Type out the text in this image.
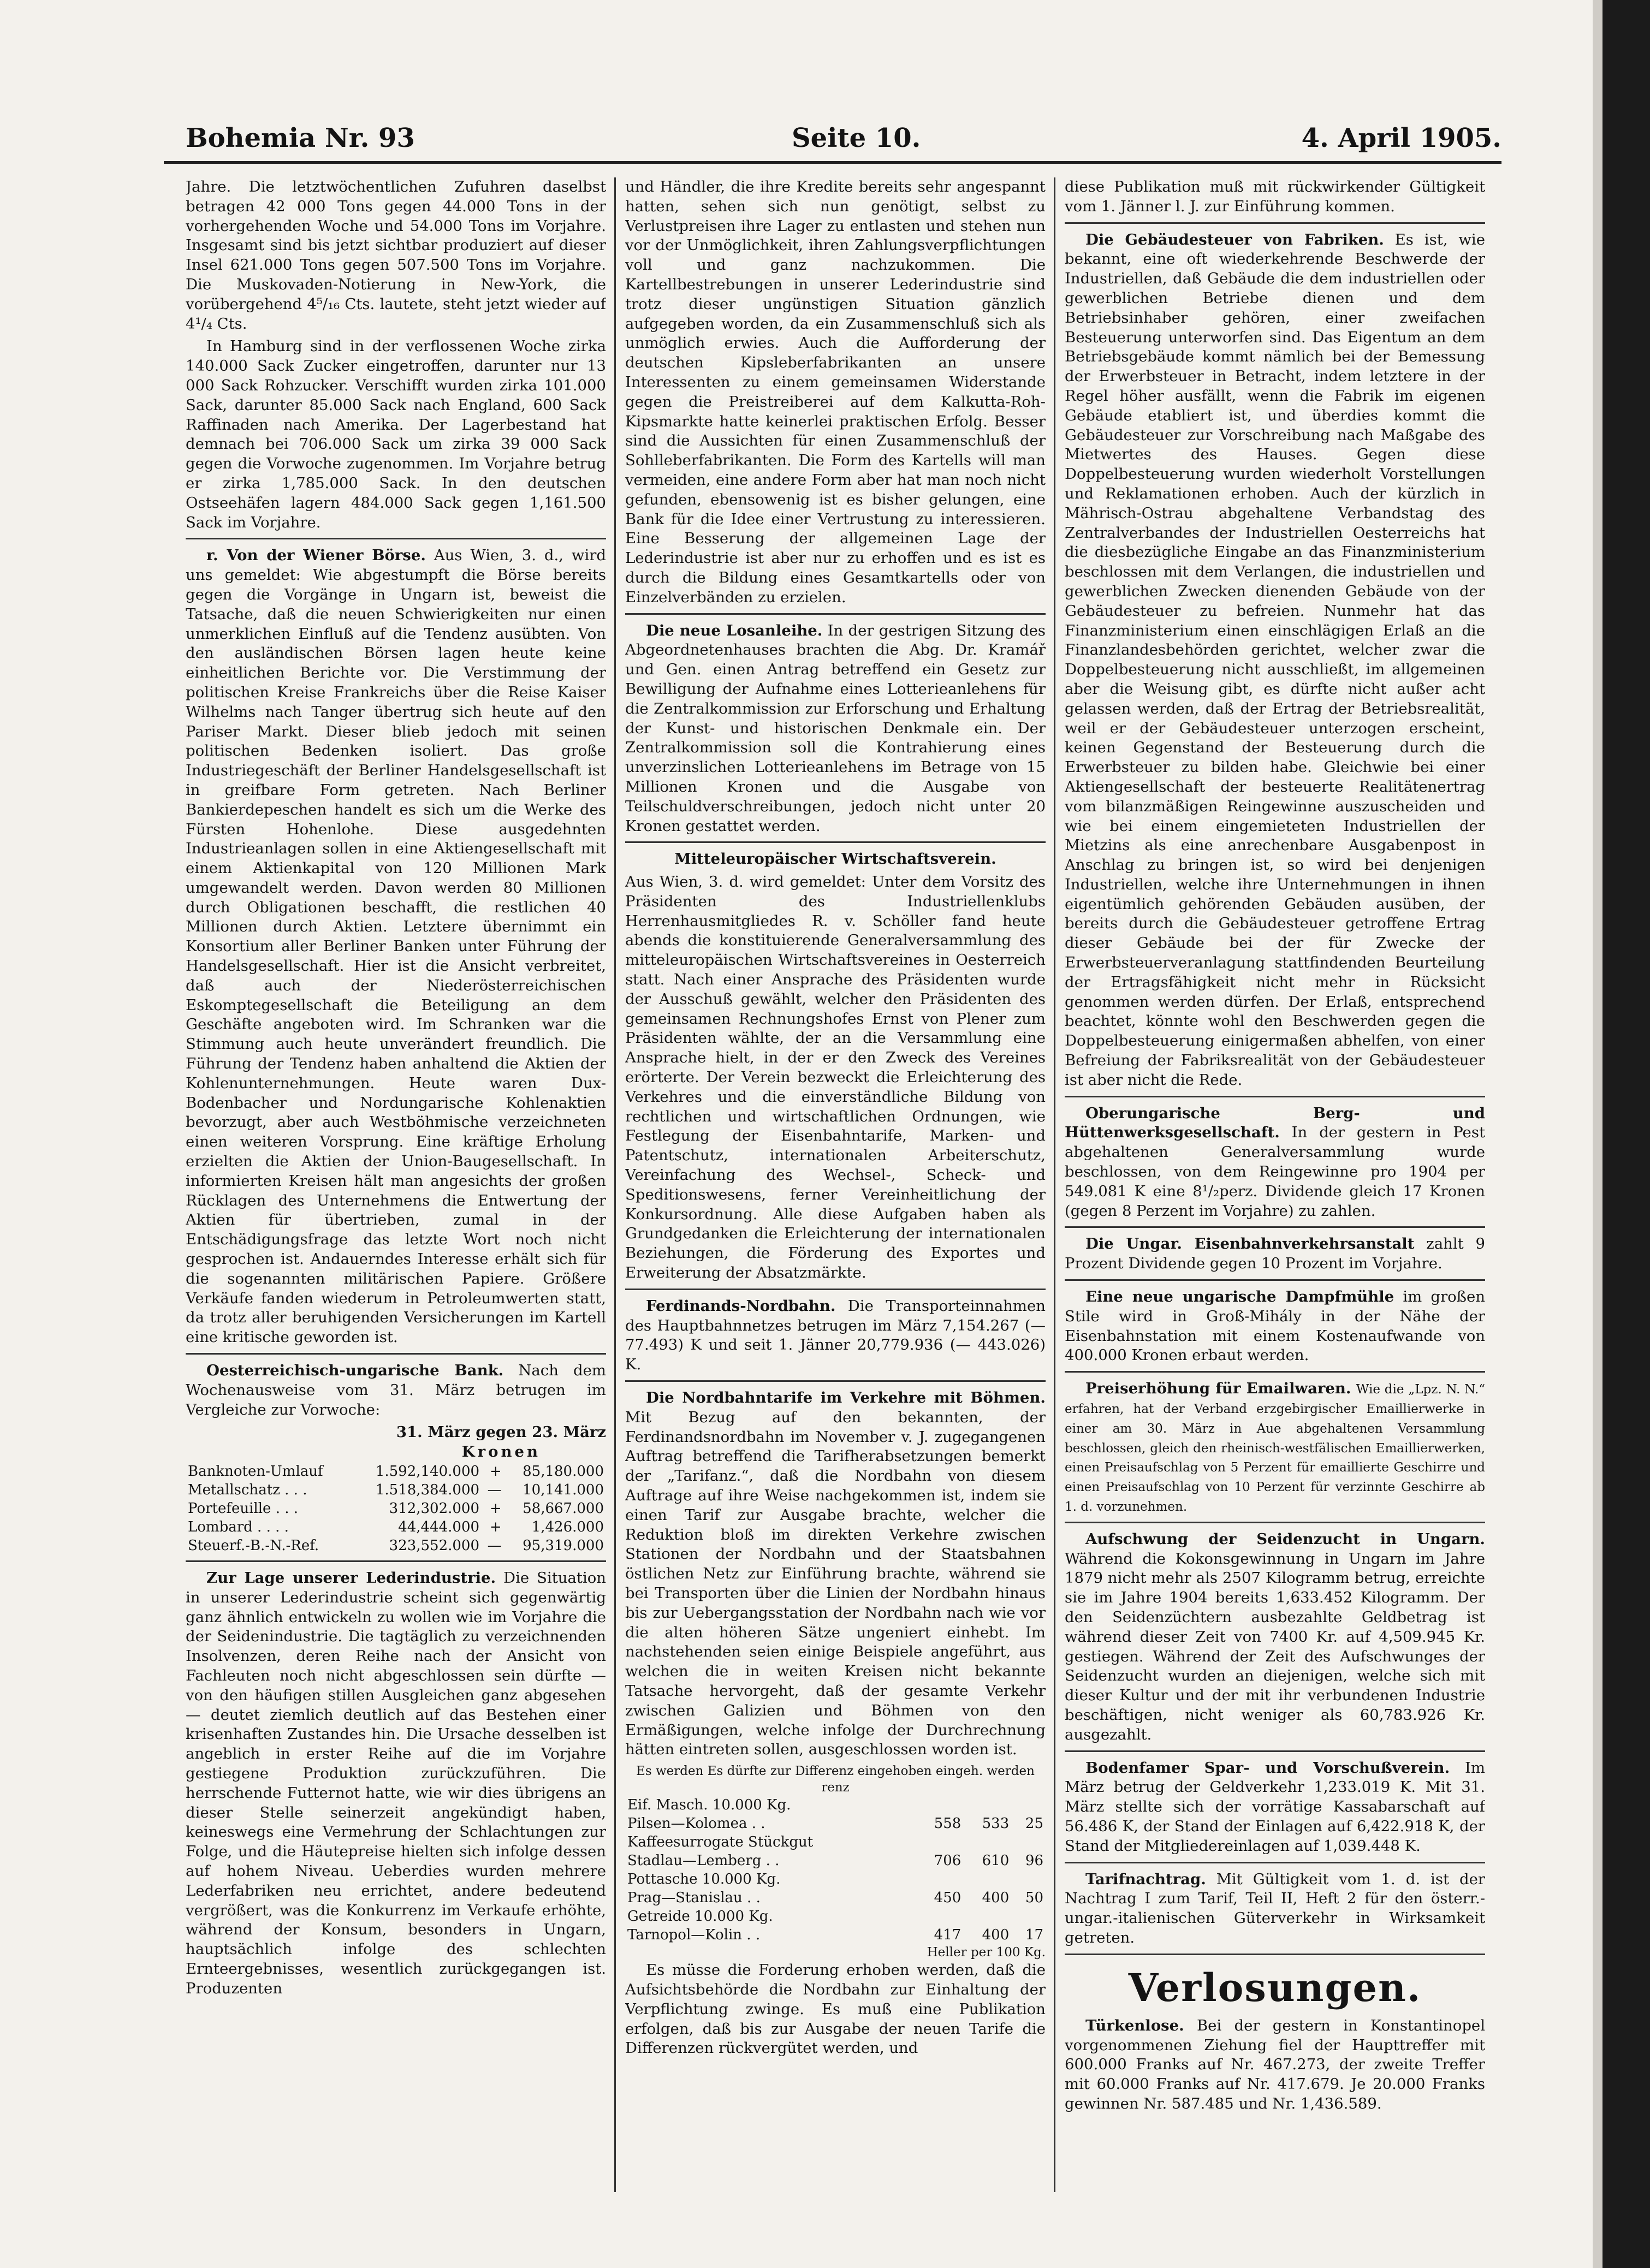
Bohemia Nr. 93	Seite 10.	4. April 1905.

Jahre. Die letztwöchentlichen Zufuhren daselbst betragen 42 000 Tons gegen 44.000 Tons in der vorhergehenden Woche und 54.000 Tons im Vorjahre. Insgesamt sind bis jetzt sichtbar produziert auf dieser Insel 621.000 Tons gegen 507.500 Tons im Vorjahre. Die Muskovaden-Notierung in New-York, die vorübergehend 4⁵/₁₆ Cts. lautete, steht jetzt wieder auf 4¹/₄ Cts.

In Hamburg sind in der verflossenen Woche zirka 140.000 Sack Zucker eingetroffen, darunter nur 13 000 Sack Rohzucker. Verschifft wurden zirka 101.000 Sack, darunter 85.000 Sack nach England, 600 Sack Raffinaden nach Amerika. Der Lagerbestand hat demnach bei 706.000 Sack um zirka 39 000 Sack gegen die Vorwoche zugenommen. Im Vorjahre betrug er zirka 1,785.000 Sack. In den deutschen Ostseehäfen lagern 484.000 Sack gegen 1,161.500 Sack im Vorjahre.

r. Von der Wiener Börse. Aus Wien, 3. d., wird uns gemeldet: Wie abgestumpft die Börse bereits gegen die Vorgänge in Ungarn ist, beweist die Tatsache, daß die neuen Schwierigkeiten nur einen unmerklichen Einfluß auf die Tendenz ausübten. Von den ausländischen Börsen lagen heute keine einheitlichen Berichte vor. Die Verstimmung der politischen Kreise Frankreichs über die Reise Kaiser Wilhelms nach Tanger übertrug sich heute auf den Pariser Markt. Dieser blieb jedoch mit seinen politischen Bedenken isoliert. Das große Industriegeschäft der Berliner Handelsgesellschaft ist in greifbare Form getreten. Nach Berliner Bankierdepeschen handelt es sich um die Werke des Fürsten Hohenlohe. Diese ausgedehnten Industrieanlagen sollen in eine Aktiengesellschaft mit einem Aktienkapital von 120 Millionen Mark umgewandelt werden. Davon werden 80 Millionen durch Obligationen beschafft, die restlichen 40 Millionen durch Aktien. Letztere übernimmt ein Konsortium aller Berliner Banken unter Führung der Handelsgesellschaft. Hier ist die Ansicht verbreitet, daß auch der Niederösterreichischen Eskomptegesellschaft die Beteiligung an dem Geschäfte angeboten wird. Im Schranken war die Stimmung auch heute unverändert freundlich. Die Führung der Tendenz haben anhaltend die Aktien der Kohlenunternehmungen. Heute waren Dux-Bodenbacher und Nordungarische Kohlenaktien bevorzugt, aber auch Westböhmische verzeichneten einen weiteren Vorsprung. Eine kräftige Erholung erzielten die Aktien der Union-Baugesellschaft. In informierten Kreisen hält man angesichts der großen Rücklagen des Unternehmens die Entwertung der Aktien für übertrieben, zumal in der Entschädigungsfrage das letzte Wort noch nicht gesprochen ist. Andauerndes Interesse erhält sich für die sogenannten militärischen Papiere. Größere Verkäufe fanden wiederum in Petroleumwerten statt, da trotz aller beruhigenden Versicherungen im Kartell eine kritische geworden ist.

Oesterreichisch-ungarische Bank. Nach dem Wochenausweise vom 31. März betrugen im Vergleiche zur Vorwoche:

31. März gegen 23. März
Kronen
Banknoten-Umlauf	1.592,140.000	+	85,180.000
Metallschatz . . .	1.518,384.000	—	10,141.000
Portefeuille . . .	312,302.000	+	58,667.000
Lombard . . . .	44,444.000	+	1,426.000
Steuerf.-B.-N.-Ref.	323,552.000	—	95,319.000

Zur Lage unserer Lederindustrie. Die Situation in unserer Lederindustrie scheint sich gegenwärtig ganz ähnlich entwickeln zu wollen wie im Vorjahre die der Seidenindustrie. Die tagtäglich zu verzeichnenden Insolvenzen, deren Reihe nach der Ansicht von Fachleuten noch nicht abgeschlossen sein dürfte — von den häufigen stillen Ausgleichen ganz abgesehen — deutet ziemlich deutlich auf das Bestehen einer krisenhaften Zustandes hin. Die Ursache desselben ist angeblich in erster Reihe auf die im Vorjahre gestiegene Produktion zurückzuführen. Die herrschende Futternot hatte, wie wir dies übrigens an dieser Stelle seinerzeit angekündigt haben, keineswegs eine Vermehrung der Schlachtungen zur Folge, und die Häutepreise hielten sich infolge dessen auf hohem Niveau. Ueberdies wurden mehrere Lederfabriken neu errichtet, andere bedeutend vergrößert, was die Konkurrenz im Verkaufe erhöhte, während der Konsum, besonders in Ungarn, hauptsächlich infolge des schlechten Ernteergebnisses, wesentlich zurückgegangen ist. Produzenten

und Händler, die ihre Kredite bereits sehr angespannt hatten, sehen sich nun genötigt, selbst zu Verlustpreisen ihre Lager zu entlasten und stehen nun vor der Unmöglichkeit, ihren Zahlungsverpflichtungen voll und ganz nachzukommen. Die Kartellbestrebungen in unserer Lederindustrie sind trotz dieser ungünstigen Situation gänzlich aufgegeben worden, da ein Zusammenschluß sich als unmöglich erwies. Auch die Aufforderung der deutschen Kipsleberfabrikanten an unsere Interessenten zu einem gemeinsamen Widerstande gegen die Preistreiberei auf dem Kalkutta-Roh-Kipsmarkte hatte keinerlei praktischen Erfolg. Besser sind die Aussichten für einen Zusammenschluß der Sohlleberfabrikanten. Die Form des Kartells will man vermeiden, eine andere Form aber hat man noch nicht gefunden, ebensowenig ist es bisher gelungen, eine Bank für die Idee einer Vertrustung zu interessieren. Eine Besserung der allgemeinen Lage der Lederindustrie ist aber nur zu erhoffen und es ist es durch die Bildung eines Gesamtkartells oder von Einzelverbänden zu erzielen.

Die neue Losanleihe. In der gestrigen Sitzung des Abgeordnetenhauses brachten die Abg. Dr. Kramář und Gen. einen Antrag betreffend ein Gesetz zur Bewilligung der Aufnahme eines Lotterieanlehens für die Zentralkommission zur Erforschung und Erhaltung der Kunst- und historischen Denkmale ein. Der Zentralkommission soll die Kontrahierung eines unverzinslichen Lotterieanlehens im Betrage von 15 Millionen Kronen und die Ausgabe von Teilschuldverschreibungen, jedoch nicht unter 20 Kronen gestattet werden.

Mitteleuropäischer Wirtschaftsverein.

Aus Wien, 3. d. wird gemeldet: Unter dem Vorsitz des Präsidenten des Industriellenklubs Herrenhausmitgliedes R. v. Schöller fand heute abends die konstituierende Generalversammlung des mitteleuropäischen Wirtschaftsvereines in Oesterreich statt. Nach einer Ansprache des Präsidenten wurde der Ausschuß gewählt, welcher den Präsidenten des gemeinsamen Rechnungshofes Ernst von Plener zum Präsidenten wählte, der an die Versammlung eine Ansprache hielt, in der er den Zweck des Vereines erörterte. Der Verein bezweckt die Erleichterung des Verkehres und die einverständliche Bildung von rechtlichen und wirtschaftlichen Ordnungen, wie Festlegung der Eisenbahntarife, Marken- und Patentschutz, internationalen Arbeiterschutz, Vereinfachung des Wechsel-, Scheck- und Speditionswesens, ferner Vereinheitlichung der Konkursordnung. Alle diese Aufgaben haben als Grundgedanken die Erleichterung der internationalen Beziehungen, die Förderung des Exportes und Erweiterung der Absatzmärkte.

Ferdinands-Nordbahn. Die Transporteinnahmen des Hauptbahnnetzes betrugen im März 7,154.267 (— 77.493) K und seit 1. Jänner 20,779.936 (— 443.026) K.

Die Nordbahntarife im Verkehre mit Böhmen. Mit Bezug auf den bekannten, der Ferdinandsnordbahn im November v. J. zugegangenen Auftrag betreffend die Tarifherabsetzungen bemerkt der „Tarifanz.“, daß die Nordbahn von diesem Auftrage auf ihre Weise nachgekommen ist, indem sie einen Tarif zur Ausgabe brachte, welcher die Reduktion bloß im direkten Verkehre zwischen Stationen der Nordbahn und der Staatsbahnen östlichen Netz zur Einführung brachte, während sie bei Transporten über die Linien der Nordbahn hinaus bis zur Uebergangsstation der Nordbahn nach wie vor die alten höheren Sätze ungeniert einhebt. Im nachstehenden seien einige Beispiele angeführt, aus welchen die in weiten Kreisen nicht bekannte Tatsache hervorgeht, daß der gesamte Verkehr zwischen Galizien und Böhmen von den Ermäßigungen, welche infolge der Durchrechnung hätten eintreten sollen, ausgeschlossen worden ist.

Es werden Es dürfte zur Differenz eingehoben eingeh. werden renz
Eif. Masch. 10.000 Kg.			
Pilsen—Kolomea . .	558	533	25
Kaffeesurrogate Stückgut			
Stadlau—Lemberg . .	706	610	96
Pottasche 10.000 Kg.			
Prag—Stanislau . .	450	400	50
Getreide 10.000 Kg.			
Tarnopol—Kolin . .	417	400	17
Heller per 100 Kg.

Es müsse die Forderung erhoben werden, daß die Aufsichtsbehörde die Nordbahn zur Einhaltung der Verpflichtung zwinge. Es muß eine Publikation erfolgen, daß bis zur Ausgabe der neuen Tarife die Differenzen rückvergütet werden, und

diese Publikation muß mit rückwirkender Gültigkeit vom 1. Jänner l. J. zur Einführung kommen.

Die Gebäudesteuer von Fabriken. Es ist, wie bekannt, eine oft wiederkehrende Beschwerde der Industriellen, daß Gebäude die dem industriellen oder gewerblichen Betriebe dienen und dem Betriebsinhaber gehören, einer zweifachen Besteuerung unterworfen sind. Das Eigentum an dem Betriebsgebäude kommt nämlich bei der Bemessung der Erwerbsteuer in Betracht, indem letztere in der Regel höher ausfällt, wenn die Fabrik im eigenen Gebäude etabliert ist, und überdies kommt die Gebäudesteuer zur Vorschreibung nach Maßgabe des Mietwertes des Hauses. Gegen diese Doppelbesteuerung wurden wiederholt Vorstellungen und Reklamationen erhoben. Auch der kürzlich in Mährisch-Ostrau abgehaltene Verbandstag des Zentralverbandes der Industriellen Oesterreichs hat die diesbezügliche Eingabe an das Finanzministerium beschlossen mit dem Verlangen, die industriellen und gewerblichen Zwecken dienenden Gebäude von der Gebäudesteuer zu befreien. Nunmehr hat das Finanzministerium einen einschlägigen Erlaß an die Finanzlandesbehörden gerichtet, welcher zwar die Doppelbesteuerung nicht ausschließt, im allgemeinen aber die Weisung gibt, es dürfte nicht außer acht gelassen werden, daß der Ertrag der Betriebsrealität, weil er der Gebäudesteuer unterzogen erscheint, keinen Gegenstand der Besteuerung durch die Erwerbsteuer zu bilden habe. Gleichwie bei einer Aktiengesellschaft der besteuerte Realitätenertrag vom bilanzmäßigen Reingewinne auszuscheiden und wie bei einem eingemieteten Industriellen der Mietzins als eine anrechenbare Ausgabenpost in Anschlag zu bringen ist, so wird bei denjenigen Industriellen, welche ihre Unternehmungen in ihnen eigentümlich gehörenden Gebäuden ausüben, der bereits durch die Gebäudesteuer getroffene Ertrag dieser Gebäude bei der für Zwecke der Erwerbsteuerveranlagung stattfindenden Beurteilung der Ertragsfähigkeit nicht mehr in Rücksicht genommen werden dürfen. Der Erlaß, entsprechend beachtet, könnte wohl den Beschwerden gegen die Doppelbesteuerung einigermaßen abhelfen, von einer Befreiung der Fabriksrealität von der Gebäudesteuer ist aber nicht die Rede.

Oberungarische Berg- und Hüttenwerksgesellschaft. In der gestern in Pest abgehaltenen Generalversammlung wurde beschlossen, von dem Reingewinne pro 1904 per 549.081 K eine 8¹/₂perz. Dividende gleich 17 Kronen (gegen 8 Perzent im Vorjahre) zu zahlen.

Die Ungar. Eisenbahnverkehrsanstalt zahlt 9 Prozent Dividende gegen 10 Prozent im Vorjahre.

Eine neue ungarische Dampfmühle im großen Stile wird in Groß-Mihály in der Nähe der Eisenbahnstation mit einem Kostenaufwande von 400.000 Kronen erbaut werden.

Preiserhöhung für Emailwaren. Wie die „Lpz. N. N.“ erfahren, hat der Verband erzgebirgischer Emaillierwerke in einer am 30. März in Aue abgehaltenen Versammlung beschlossen, gleich den rheinisch-westfälischen Emaillierwerken, einen Preisaufschlag von 5 Perzent für emaillierte Geschirre und einen Preisaufschlag von 10 Perzent für verzinnte Geschirre ab 1. d. vorzunehmen.

Aufschwung der Seidenzucht in Ungarn. Während die Kokonsgewinnung in Ungarn im Jahre 1879 nicht mehr als 2507 Kilogramm betrug, erreichte sie im Jahre 1904 bereits 1,633.452 Kilogramm. Der den Seidenzüchtern ausbezahlte Geldbetrag ist während dieser Zeit von 7400 Kr. auf 4,509.945 Kr. gestiegen. Während der Zeit des Aufschwunges der Seidenzucht wurden an diejenigen, welche sich mit dieser Kultur und der mit ihr verbundenen Industrie beschäftigen, nicht weniger als 60,783.926 Kr. ausgezahlt.

Bodenfamer Spar- und Vorschußverein. Im März betrug der Geldverkehr 1,233.019 K. Mit 31. März stellte sich der vorrätige Kassabarschaft auf 56.486 K, der Stand der Einlagen auf 6,422.918 K, der Stand der Mitgliedereinlagen auf 1,039.448 K.

Tarifnachtrag. Mit Gültigkeit vom 1. d. ist der Nachtrag I zum Tarif, Teil II, Heft 2 für den österr.-ungar.-italienischen Güterverkehr in Wirksamkeit getreten.

Verlosungen.

Türkenlose. Bei der gestern in Konstantinopel vorgenommenen Ziehung fiel der Haupttreffer mit 600.000 Franks auf Nr. 467.273, der zweite Treffer mit 60.000 Franks auf Nr. 417.679. Je 20.000 Franks gewinnen Nr. 587.485 und Nr. 1,436.589.
